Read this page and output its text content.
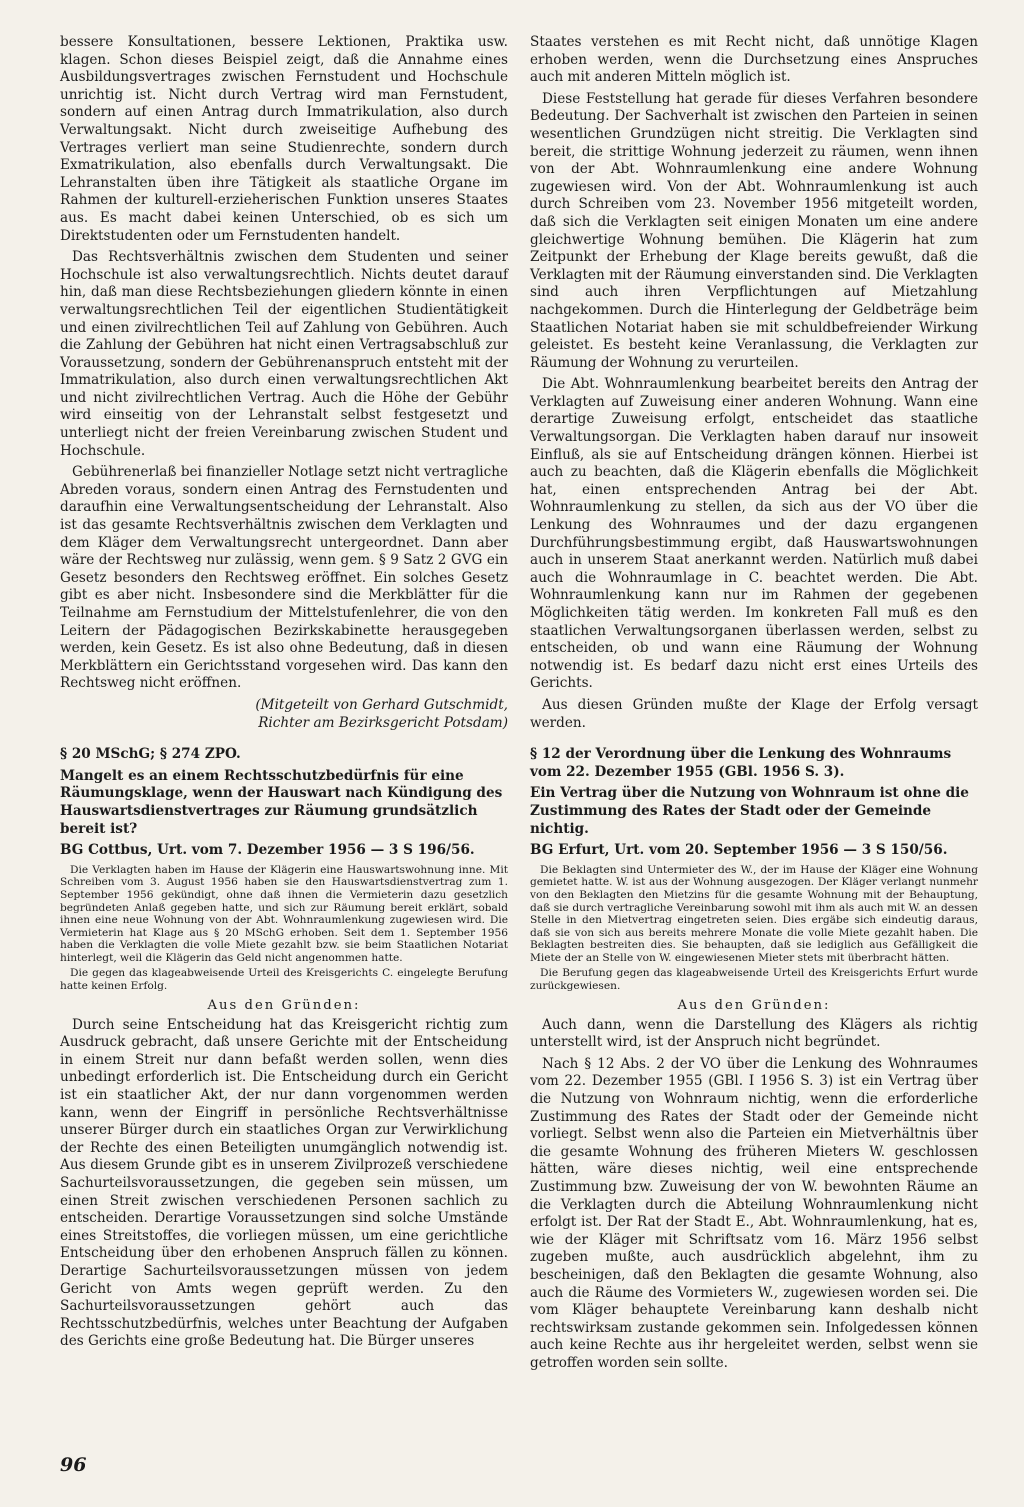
bessere Konsultationen, bessere Lektionen, Praktika usw. klagen. Schon dieses Beispiel zeigt, daß die Annahme eines Ausbildungsvertrages zwischen Fernstudent und Hochschule unrichtig ist. Nicht durch Vertrag wird man Fernstudent, sondern auf einen Antrag durch Immatrikulation, also durch Verwaltungsakt. Nicht durch zweiseitige Aufhebung des Vertrages verliert man seine Studienrechte, sondern durch Exmatrikulation, also ebenfalls durch Verwaltungsakt. Die Lehranstalten üben ihre Tätigkeit als staatliche Organe im Rahmen der kulturell-erzieherischen Funktion unseres Staates aus. Es macht dabei keinen Unterschied, ob es sich um Direktstudenten oder um Fernstudenten handelt.

Das Rechtsverhältnis zwischen dem Studenten und seiner Hochschule ist also verwaltungsrechtlich. Nichts deutet darauf hin, daß man diese Rechtsbeziehungen gliedern könnte in einen verwaltungsrechtlichen Teil der eigentlichen Studientätigkeit und einen zivilrechtlichen Teil auf Zahlung von Gebühren. Auch die Zahlung der Gebühren hat nicht einen Vertragsabschluß zur Voraussetzung, sondern der Gebührenanspruch entsteht mit der Immatrikulation, also durch einen verwaltungsrechtlichen Akt und nicht zivilrechtlichen Vertrag. Auch die Höhe der Gebühr wird einseitig von der Lehranstalt selbst festgesetzt und unterliegt nicht der freien Vereinbarung zwischen Student und Hochschule.

Gebührenerlaß bei finanzieller Notlage setzt nicht vertragliche Abreden voraus, sondern einen Antrag des Fernstudenten und daraufhin eine Verwaltungsentscheidung der Lehranstalt. Also ist das gesamte Rechtsverhältnis zwischen dem Verklagten und dem Kläger dem Verwaltungsrecht untergeordnet. Dann aber wäre der Rechtsweg nur zulässig, wenn gem. § 9 Satz 2 GVG ein Gesetz besonders den Rechtsweg eröffnet. Ein solches Gesetz gibt es aber nicht. Insbesondere sind die Merkblätter für die Teilnahme am Fernstudium der Mittelstufenlehrer, die von den Leitern der Pädagogischen Bezirkskabinette herausgegeben werden, kein Gesetz. Es ist also ohne Bedeutung, daß in diesen Merkblättern ein Gerichtsstand vorgesehen wird. Das kann den Rechtsweg nicht eröffnen.

(Mitgeteilt von Gerhard Gutschmidt,
Richter am Bezirksgericht Potsdam)

§ 20 MSchG; § 274 ZPO.

Mangelt es an einem Rechtsschutzbedürfnis für eine Räumungsklage, wenn der Hauswart nach Kündigung des Hauswartsdienstvertrages zur Räumung grundsätzlich bereit ist?

BG Cottbus, Urt. vom 7. Dezember 1956 — 3 S 196/56.

Die Verklagten haben im Hause der Klägerin eine Hauswartswohnung inne. Mit Schreiben vom 3. August 1956 haben sie den Hauswartsdienstvertrag zum 1. September 1956 gekündigt, ohne daß ihnen die Vermieterin dazu gesetzlich begründeten Anlaß gegeben hatte, und sich zur Räumung bereit erklärt, sobald ihnen eine neue Wohnung von der Abt. Wohnraumlenkung zugewiesen wird. Die Vermieterin hat Klage aus § 20 MSchG erhoben. Seit dem 1. September 1956 haben die Verklagten die volle Miete gezahlt bzw. sie beim Staatlichen Notariat hinterlegt, weil die Klägerin das Geld nicht angenommen hatte.

Die gegen das klageabweisende Urteil des Kreisgerichts C. eingelegte Berufung hatte keinen Erfolg.

Aus den Gründen:

Durch seine Entscheidung hat das Kreisgericht richtig zum Ausdruck gebracht, daß unsere Gerichte mit der Entscheidung in einem Streit nur dann befaßt werden sollen, wenn dies unbedingt erforderlich ist. Die Entscheidung durch ein Gericht ist ein staatlicher Akt, der nur dann vorgenommen werden kann, wenn der Eingriff in persönliche Rechtsverhältnisse unserer Bürger durch ein staatliches Organ zur Verwirklichung der Rechte des einen Beteiligten unumgänglich notwendig ist. Aus diesem Grunde gibt es in unserem Zivilprozeß verschiedene Sachurteilsvoraussetzungen, die gegeben sein müssen, um einen Streit zwischen verschiedenen Personen sachlich zu entscheiden. Derartige Voraussetzungen sind solche Umstände eines Streitstoffes, die vorliegen müssen, um eine gerichtliche Entscheidung über den erhobenen Anspruch fällen zu können. Derartige Sachurteilsvoraussetzungen müssen von jedem Gericht von Amts wegen geprüft werden. Zu den Sachurteilsvoraussetzungen gehört auch das Rechtsschutzbedürfnis, welches unter Beachtung der Aufgaben des Gerichts eine große Bedeutung hat. Die Bürger unseres

Staates verstehen es mit Recht nicht, daß unnötige Klagen erhoben werden, wenn die Durchsetzung eines Anspruches auch mit anderen Mitteln möglich ist.

Diese Feststellung hat gerade für dieses Verfahren besondere Bedeutung. Der Sachverhalt ist zwischen den Parteien in seinen wesentlichen Grundzügen nicht streitig. Die Verklagten sind bereit, die strittige Wohnung jederzeit zu räumen, wenn ihnen von der Abt. Wohnraumlenkung eine andere Wohnung zugewiesen wird. Von der Abt. Wohnraumlenkung ist auch durch Schreiben vom 23. November 1956 mitgeteilt worden, daß sich die Verklagten seit einigen Monaten um eine andere gleichwertige Wohnung bemühen. Die Klägerin hat zum Zeitpunkt der Erhebung der Klage bereits gewußt, daß die Verklagten mit der Räumung einverstanden sind. Die Verklagten sind auch ihren Verpflichtungen auf Mietzahlung nachgekommen. Durch die Hinterlegung der Geldbeträge beim Staatlichen Notariat haben sie mit schuldbefreiender Wirkung geleistet. Es besteht keine Veranlassung, die Verklagten zur Räumung der Wohnung zu verurteilen.

Die Abt. Wohnraumlenkung bearbeitet bereits den Antrag der Verklagten auf Zuweisung einer anderen Wohnung. Wann eine derartige Zuweisung erfolgt, entscheidet das staatliche Verwaltungsorgan. Die Verklagten haben darauf nur insoweit Einfluß, als sie auf Entscheidung drängen können. Hierbei ist auch zu beachten, daß die Klägerin ebenfalls die Möglichkeit hat, einen entsprechenden Antrag bei der Abt. Wohnraumlenkung zu stellen, da sich aus der VO über die Lenkung des Wohnraumes und der dazu ergangenen Durchführungsbestimmung ergibt, daß Hauswartswohnungen auch in unserem Staat anerkannt werden. Natürlich muß dabei auch die Wohnraumlage in C. beachtet werden. Die Abt. Wohnraumlenkung kann nur im Rahmen der gegebenen Möglichkeiten tätig werden. Im konkreten Fall muß es den staatlichen Verwaltungsorganen überlassen werden, selbst zu entscheiden, ob und wann eine Räumung der Wohnung notwendig ist. Es bedarf dazu nicht erst eines Urteils des Gerichts.

Aus diesen Gründen mußte der Klage der Erfolg versagt werden.

§ 12 der Verordnung über die Lenkung des Wohnraums vom 22. Dezember 1955 (GBl. 1956 S. 3).

Ein Vertrag über die Nutzung von Wohnraum ist ohne die Zustimmung des Rates der Stadt oder der Gemeinde nichtig.

BG Erfurt, Urt. vom 20. September 1956 — 3 S 150/56.

Die Beklagten sind Untermieter des W., der im Hause der Kläger eine Wohnung gemietet hatte. W. ist aus der Wohnung ausgezogen. Der Kläger verlangt nunmehr von den Beklagten den Mietzins für die gesamte Wohnung mit der Behauptung, daß sie durch vertragliche Vereinbarung sowohl mit ihm als auch mit W. an dessen Stelle in den Mietvertrag eingetreten seien. Dies ergäbe sich eindeutig daraus, daß sie von sich aus bereits mehrere Monate die volle Miete gezahlt haben. Die Beklagten bestreiten dies. Sie behaupten, daß sie lediglich aus Gefälligkeit die Miete der an Stelle von W. eingewiesenen Mieter stets mit überbracht hätten.

Die Berufung gegen das klageabweisende Urteil des Kreisgerichts Erfurt wurde zurückgewiesen.

Aus den Gründen:

Auch dann, wenn die Darstellung des Klägers als richtig unterstellt wird, ist der Anspruch nicht begründet.

Nach § 12 Abs. 2 der VO über die Lenkung des Wohnraumes vom 22. Dezember 1955 (GBl. I 1956 S. 3) ist ein Vertrag über die Nutzung von Wohnraum nichtig, wenn die erforderliche Zustimmung des Rates der Stadt oder der Gemeinde nicht vorliegt. Selbst wenn also die Parteien ein Mietverhältnis über die gesamte Wohnung des früheren Mieters W. geschlossen hätten, wäre dieses nichtig, weil eine entsprechende Zustimmung bzw. Zuweisung der von W. bewohnten Räume an die Verklagten durch die Abteilung Wohnraumlenkung nicht erfolgt ist. Der Rat der Stadt E., Abt. Wohnraumlenkung, hat es, wie der Kläger mit Schriftsatz vom 16. März 1956 selbst zugeben mußte, auch ausdrücklich abgelehnt, ihm zu bescheinigen, daß den Beklagten die gesamte Wohnung, also auch die Räume des Vormieters W., zugewiesen worden sei. Die vom Kläger behauptete Vereinbarung kann deshalb nicht rechtswirksam zustande gekommen sein. Infolgedessen können auch keine Rechte aus ihr hergeleitet werden, selbst wenn sie getroffen worden sein sollte.

96
